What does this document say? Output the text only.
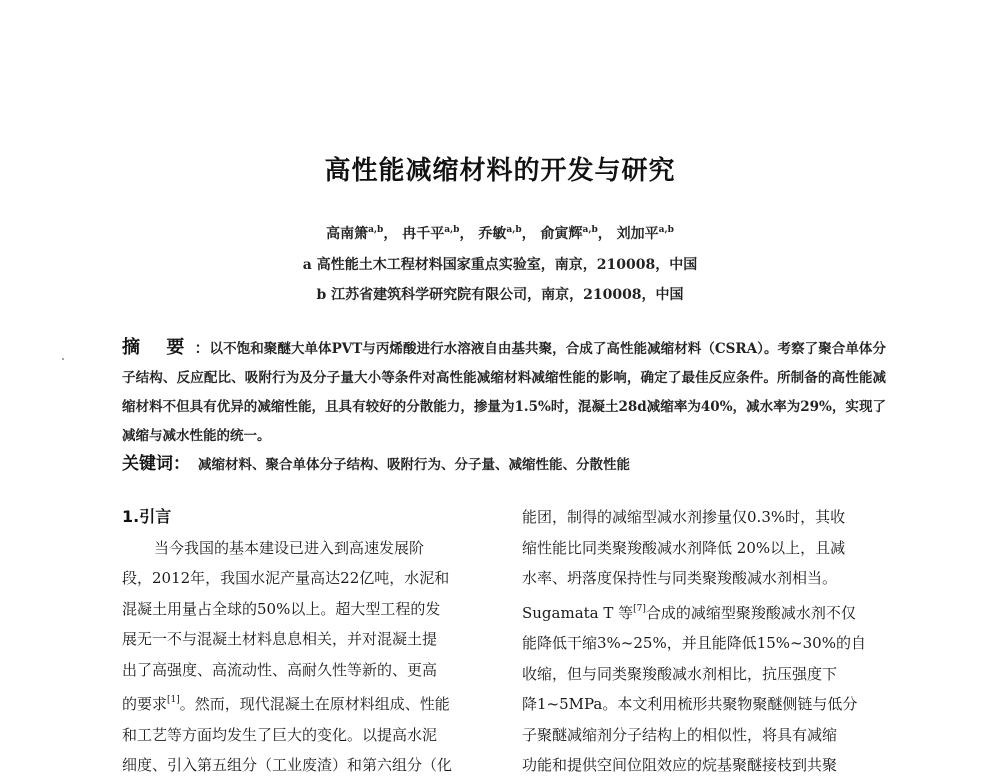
高性能减缩材料的开发与研究
高南箫$^{a,b}$， 冉千平$^{a,b}$， 乔敏$^{a,b}$， 俞寅辉$^{a,b}$， 刘加平$^{a,b}$
a 高性能土木工程材料国家重点实验室，南京，210008，中国
b 江苏省建筑科学研究院有限公司，南京，210008，中国
摘 要：以不饱和聚醚大单体PVT与丙烯酸进行水溶液自由基共聚，合成了高性能减缩材料（CSRA）。考察了聚合单体分子结构、反应配比、吸附行为及分子量大小等条件对高性能减缩材料减缩性能的影响，确定了最佳反应条件。所制备的高性能减缩材料不但具有优异的减缩性能，且具有较好的分散能力，掺量为1.5%时，混凝土28d减缩率为40%，减水率为29%，实现了减缩与减水性能的统一。
关键词： 减缩材料、聚合单体分子结构、吸附行为、分子量、减缩性能、分散性能
1.引言
当今我国的基本建设已进入到高速发展阶
段，2012年，我国水泥产量高达22亿吨，水泥和
混凝土用量占全球的50%以上。超大型工程的发
展无一不与混凝土材料息息相关，并对混凝土提
出了高强度、高流动性、高耐久性等新的、更高
的要求[1]。然而，现代混凝土在原材料组成、性能
和工艺等方面均发生了巨大的变化。以提高水泥
细度、引入第五组分（工业废渣）和第六组分（化
能团，制得的减缩型减水剂掺量仅0.3%时，其收
缩性能比同类聚羧酸减水剂降低 20%以上，且减
水率、坍落度保持性与同类聚羧酸减水剂相当。
Sugamata T 等[7]合成的减缩型聚羧酸减水剂不仅
能降低干缩3%~25%，并且能降低15%~30%的自
收缩，但与同类聚羧酸减水剂相比，抗压强度下
降1~5MPa。本文利用梳形共聚物聚醚侧链与低分
子聚醚减缩剂分子结构上的相似性，将具有减缩
功能和提供空间位阻效应的烷基聚醚接枝到共聚
